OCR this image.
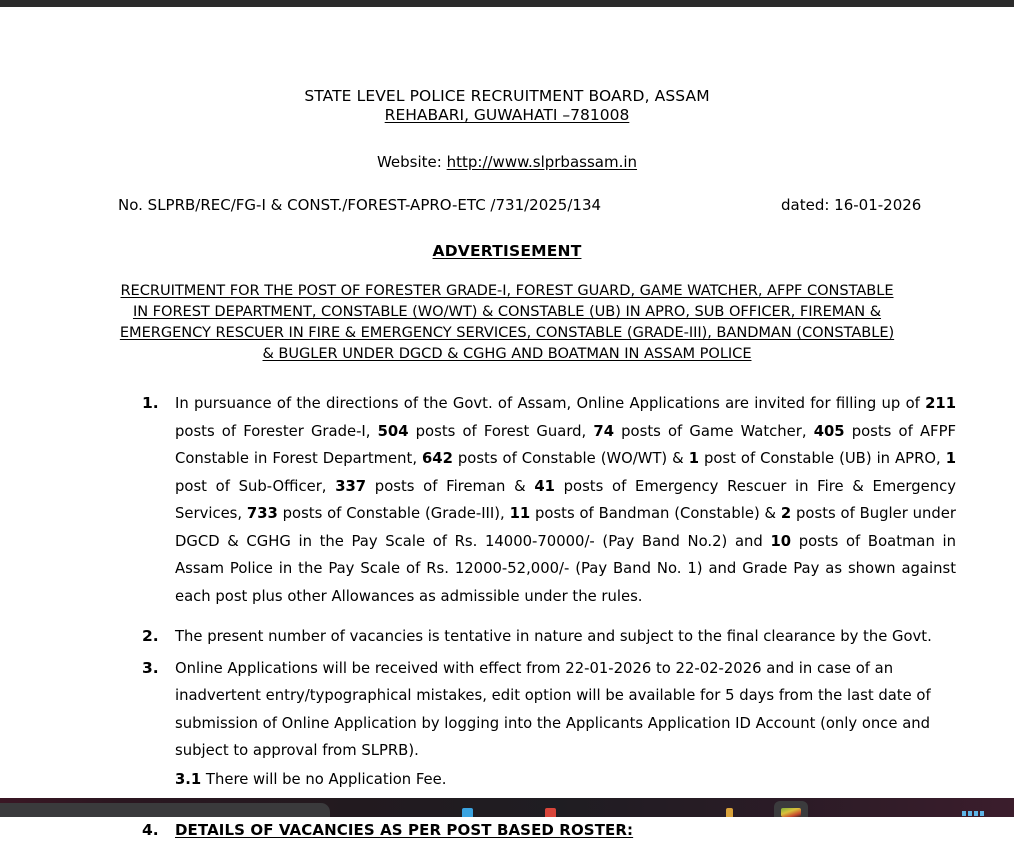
STATE LEVEL POLICE RECRUITMENT BOARD, ASSAM
REHABARI, GUWAHATI –781008
Website: http://www.slprbassam.in
No. SLPRB/REC/FG-I & CONST./FOREST-APRO-ETC /731/2025/134	dated: 16-01-2026
ADVERTISEMENT
RECRUITMENT FOR THE POST OF FORESTER GRADE-I, FOREST GUARD, GAME WATCHER, AFPF CONSTABLE
IN FOREST DEPARTMENT, CONSTABLE (WO/WT) & CONSTABLE (UB) IN APRO, SUB OFFICER, FIREMAN &
EMERGENCY RESCUER IN FIRE & EMERGENCY SERVICES, CONSTABLE (GRADE-III), BANDMAN (CONSTABLE)
& BUGLER UNDER DGCD & CGHG AND BOATMAN IN ASSAM POLICE
1.	In pursuance of the directions of the Govt. of Assam, Online Applications are invited for filling up of 211 posts of Forester Grade-I, 504 posts of Forest Guard, 74 posts of Game Watcher, 405 posts of AFPF Constable in Forest Department, 642 posts of Constable (WO/WT) & 1 post of Constable (UB) in APRO, 1 post of Sub-Officer, 337 posts of Fireman & 41 posts of Emergency Rescuer in Fire & Emergency Services, 733 posts of Constable (Grade-III), 11 posts of Bandman (Constable) & 2 posts of Bugler under DGCD & CGHG in the Pay Scale of Rs. 14000-70000/- (Pay Band No.2) and 10 posts of Boatman in Assam Police in the Pay Scale of Rs. 12000-52,000/- (Pay Band No. 1) and Grade Pay as shown against each post plus other Allowances as admissible under the rules.
2.	The present number of vacancies is tentative in nature and subject to the final clearance by the Govt.
3.	Online Applications will be received with effect from 22-01-2026 to 22-02-2026 and in case of an inadvertent entry/typographical mistakes, edit option will be available for 5 days from the last date of submission of Online Application by logging into the Applicants Application ID Account (only once and subject to approval from SLPRB).
3.1 There will be no Application Fee.
4.	DETAILS OF VACANCIES AS PER POST BASED ROSTER:
